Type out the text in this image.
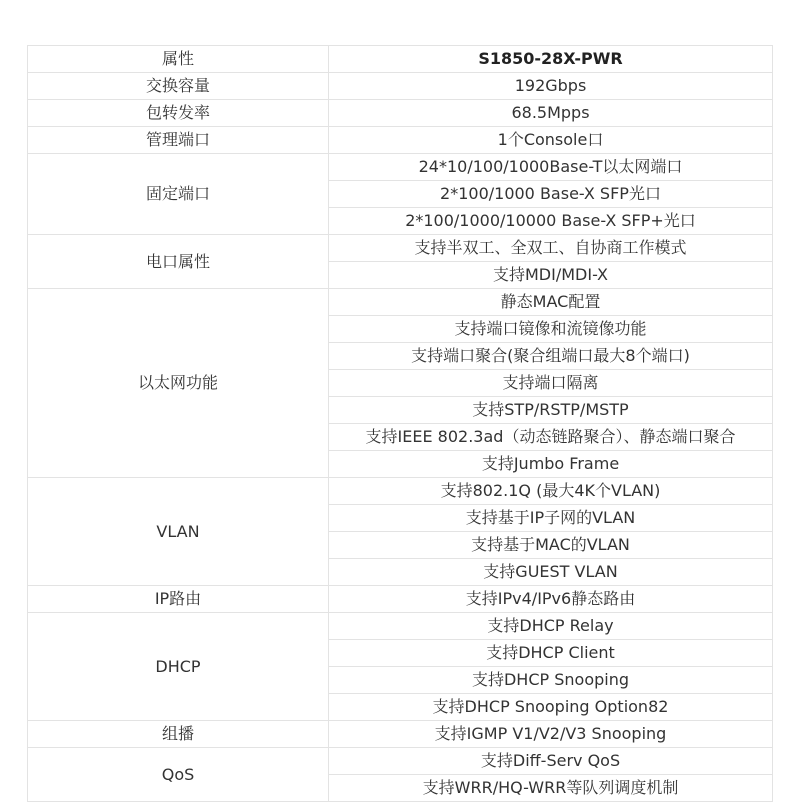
属性	S1850-28X-PWR
交换容量	192Gbps
包转发率	68.5Mpps
管理端口	1个Console口
固定端口	24*10/100/1000Base-T以太网端口
	2*100/1000 Base-X SFP光口
	2*100/1000/10000 Base-X SFP+光口
电口属性	支持半双工、全双工、自协商工作模式
	支持MDI/MDI-X
以太网功能	静态MAC配置
	支持端口镜像和流镜像功能
	支持端口聚合(聚合组端口最大8个端口)
	支持端口隔离
	支持STP/RSTP/MSTP
	支持IEEE 802.3ad（动态链路聚合）、静态端口聚合
	支持Jumbo Frame
VLAN	支持802.1Q (最大4K个VLAN)
	支持基于IP子网的VLAN
	支持基于MAC的VLAN
	支持GUEST VLAN
IP路由	支持IPv4/IPv6静态路由
DHCP	支持DHCP Relay
	支持DHCP Client
	支持DHCP Snooping
	支持DHCP Snooping Option82
组播	支持IGMP V1/V2/V3 Snooping
QoS	支持Diff-Serv QoS
	支持WRR/HQ-WRR等队列调度机制
